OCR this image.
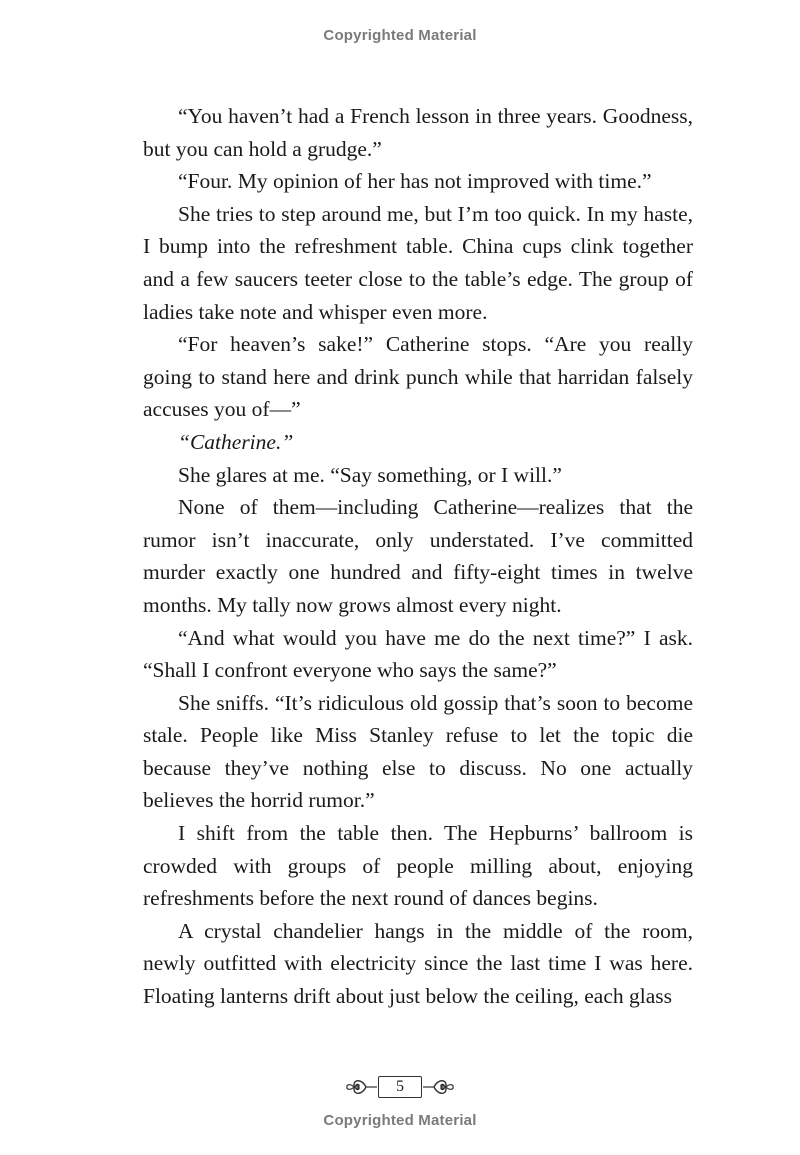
Copyrighted Material

“You haven’t had a French lesson in three years. Goodness, but you can hold a grudge.”

“Four. My opinion of her has not improved with time.”

She tries to step around me, but I’m too quick. In my haste, I bump into the refreshment table. China cups clink together and a few saucers teeter close to the table’s edge. The group of ladies take note and whisper even more.

“For heaven’s sake!” Catherine stops. “Are you really going to stand here and drink punch while that harridan falsely accuses you of—”

“Catherine.”

She glares at me. “Say something, or I will.”

None of them—including Catherine—realizes that the rumor isn’t inaccurate, only understated. I’ve committed murder exactly one hundred and fifty-eight times in twelve months. My tally now grows almost every night.

“And what would you have me do the next time?” I ask. “Shall I confront everyone who says the same?”

She sniffs. “It’s ridiculous old gossip that’s soon to become stale. People like Miss Stanley refuse to let the topic die because they’ve nothing else to discuss. No one actually believes the horrid rumor.”

I shift from the table then. The Hepburns’ ballroom is crowded with groups of people milling about, enjoying refreshments before the next round of dances begins.

A crystal chandelier hangs in the middle of the room, newly outfitted with electricity since the last time I was here. Floating lanterns drift about just below the ceiling, each glass

5
Copyrighted Material
